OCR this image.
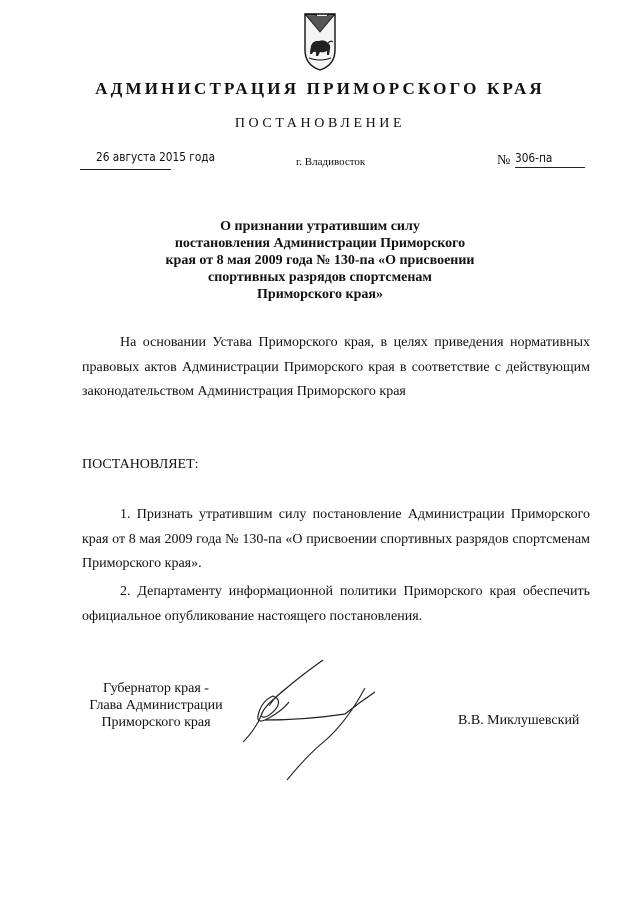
АДМИНИСТРАЦИЯ ПРИМОРСКОГО КРАЯ
ПОСТАНОВЛЕНИЕ
26 августа 2015 года	г. Владивосток	№ 306-па
О признании утратившим силу
постановления Администрации Приморского
края от 8 мая 2009 года № 130-па «О присвоении
спортивных разрядов спортсменам
Приморского края»
На основании Устава Приморского края, в целях приведения нормативных правовых актов Администрации Приморского края в соответствие с действующим законодательством Администрация Приморского края
ПОСТАНОВЛЯЕТ:
1. Признать утратившим силу постановление Администрации Приморского края от 8 мая 2009 года № 130-па «О присвоении спортивных разрядов спортсменам Приморского края».
2. Департаменту информационной политики Приморского края обеспечить официальное опубликование настоящего постановления.
Губернатор края -
Глава Администрации
Приморского края	В.В. Миклушевский
